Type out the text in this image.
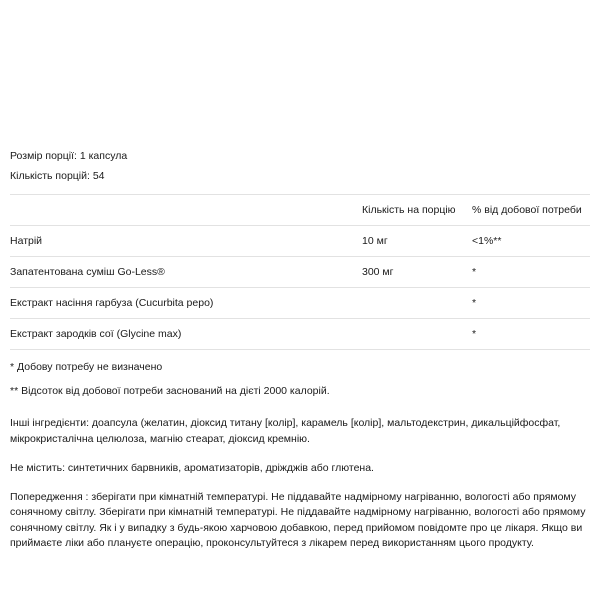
Розмір порції: 1 капсула		
Кількість порцій: 54		
	Кількість на порцію	% від добової потреби
Натрій	10 мг	<1%**
Запатентована суміш Go-Less®	300 мг	*
Екстракт насіння гарбуза (Cucurbita pepo)		*
Екстракт зародків сої (Glycine max)		*

* Добову потребу не визначено

** Відсоток від добової потреби заснований на дієті 2000 калорій.

Інші інгредієнти: доапсула (желатин, діоксид титану [колір], карамель [колір], мальтодекстрин, дикальційфосфат, мікрокристалічна целюлоза, магнію стеарат, діоксид кремнію.

Не містить: синтетичних барвників, ароматизаторів, дріжджів або глютена.

Попередження : зберігати при кімнатній температурі. Не піддавайте надмірному нагріванню, вологості або прямому сонячному світлу. Зберігати при кімнатній температурі. Не піддавайте надмірному нагріванню, вологості або прямому сонячному світлу. Як і у випадку з будь-якою харчовою добавкою, перед прийомом повідомте про це лікаря. Якщо ви приймаєте ліки або плануєте операцію, проконсультуйтеся з лікарем перед використанням цього продукту.
